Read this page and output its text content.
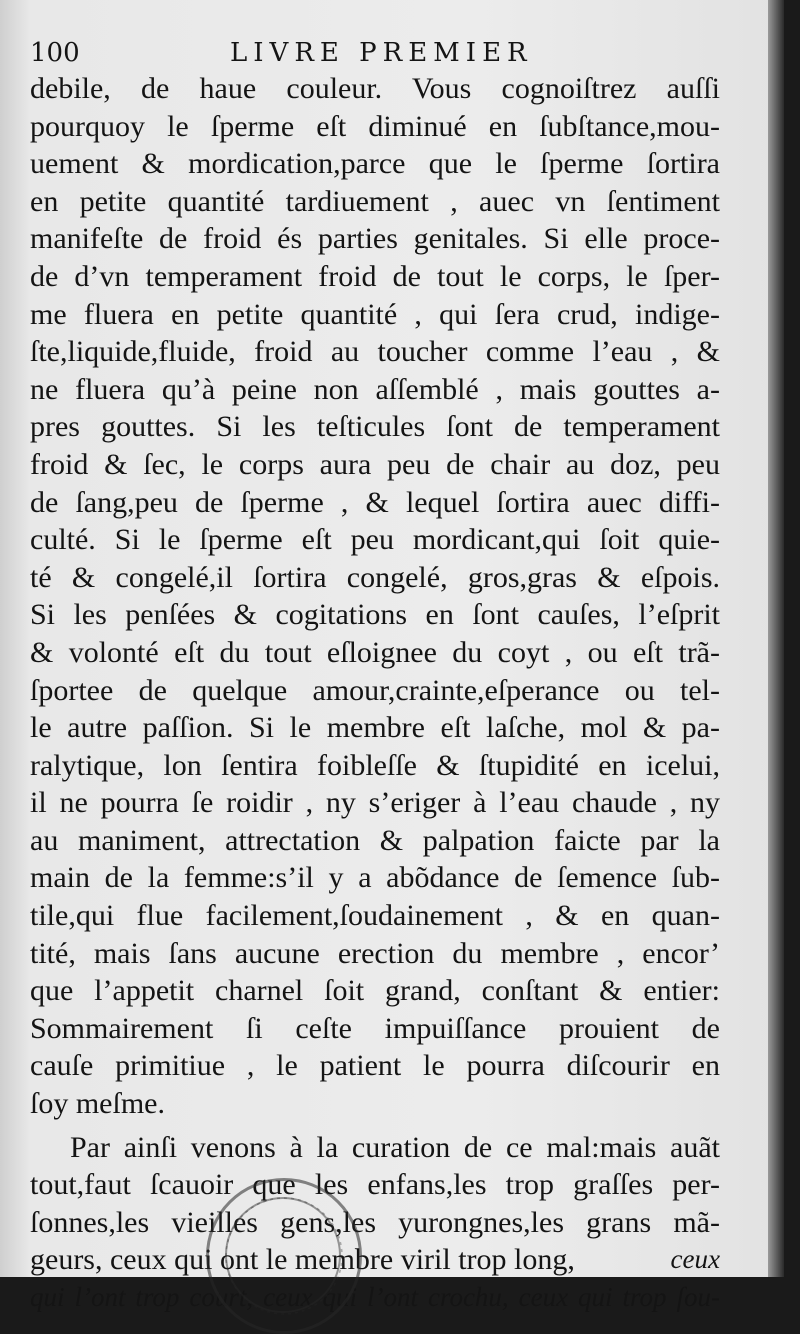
100	LIVRE PREMIER
debile, de haue couleur. Vous cognoiſtrez auſſi
pourquoy le ſperme eſt diminué en ſubſtance,mou-
uement & mordication,parce que le ſperme ſortira
en petite quantité tardiuement , auec vn ſentiment
manifeſte de froid és parties genitales. Si elle proce-
de d’vn temperament froid de tout le corps, le ſper-
me fluera en petite quantité , qui ſera crud, indige-
ſte,liquide,fluide, froid au toucher comme l’eau , &
ne fluera qu’à peine non aſſemblé , mais gouttes a-
pres gouttes. Si les teſticules ſont de temperament
froid & ſec, le corps aura peu de chair au doz, peu
de ſang,peu de ſperme , & lequel ſortira auec diffi-
culté. Si le ſperme eſt peu mordicant,qui ſoit quie-
té & congelé,il ſortira congelé, gros,gras & eſpois.
Si les penſées & cogitations en ſont cauſes, l’eſprit
& volonté eſt du tout eſloignee du coyt , ou eſt trã-
ſportee de quelque amour,crainte,eſperance ou tel-
le autre paſſion. Si le membre eſt laſche, mol & pa-
ralytique, lon ſentira foibleſſe & ſtupidité en icelui,
il ne pourra ſe roidir , ny s’eriger à l’eau chaude , ny
au maniment, attrectation & palpation faicte par la
main de la femme:s’il y a abõdance de ſemence ſub-
tile,qui flue facilement,ſoudainement , & en quan-
tité, mais ſans aucune erection du membre , encor’
que l’appetit charnel ſoit grand, conſtant & entier:
Sommairement ſi ceſte impuiſſance prouient de
cauſe primitiue , le patient le pourra diſcourir en
ſoy meſme.
Par ainſi venons à la curation de ce mal:mais auãt
tout,faut ſcauoir que les enfans,les trop graſſes per-
ſonnes,les vieilles gens,les yurongnes,les grans mã-
geurs, ceux qui ont le membre viril trop long,	ceux
qui l’ont trop court, ceux qui l’ont crochu, ceux qui trop ſou-
